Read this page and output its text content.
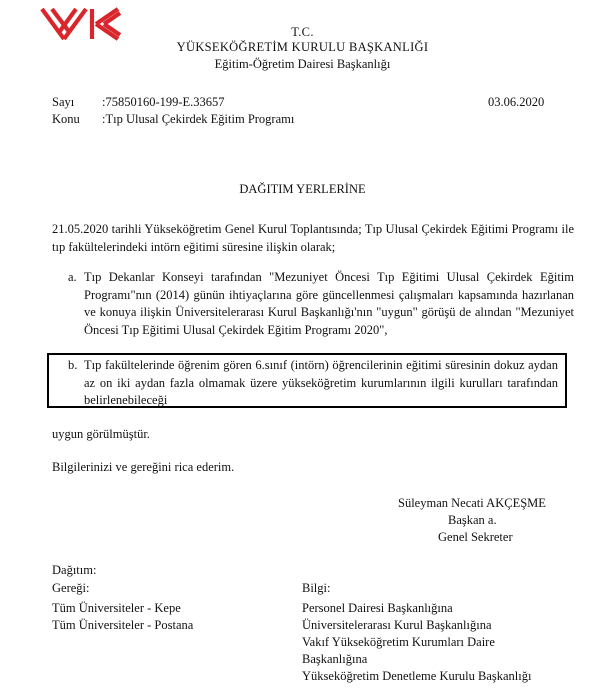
T.C.
YÜKSEKÖĞRETİM KURULU BAŞKANLIĞI
Eğitim-Öğretim Dairesi Başkanlığı
Sayı :75850160-199-E.33657	03.06.2020
Konu :Tıp Ulusal Çekirdek Eğitim Programı
DAĞITIM YERLERİNE
21.05.2020 tarihli Yükseköğretim Genel Kurul Toplantısında; Tıp Ulusal Çekirdek Eğitimi Programı ile tıp fakültelerindeki intörn eğitimi süresine ilişkin olarak;
a. Tıp Dekanlar Konseyi tarafından "Mezuniyet Öncesi Tıp Eğitimi Ulusal Çekirdek Eğitim Programı"nın (2014) günün ihtiyaçlarına göre güncellenmesi çalışmaları kapsamında hazırlanan ve konuya ilişkin Üniversitelerarası Kurul Başkanlığı'nın "uygun" görüşü de alından "Mezuniyet Öncesi Tıp Eğitimi Ulusal Çekirdek Eğitim Programı 2020",
b. Tıp fakültelerinde öğrenim gören 6.sınıf (intörn) öğrencilerinin eğitimi süresinin dokuz aydan az on iki aydan fazla olmamak üzere yükseköğretim kurumlarının ilgili kurulları tarafından belirlenebileceği
uygun görülmüştür.
Bilgilerinizi ve gereğini rica ederim.
Süleyman Necati AKÇEŞME
Başkan a.
Genel Sekreter
Dağıtım:
Gereği:	Bilgi:
Tüm Üniversiteler - Kepe
Tüm Üniversiteler - Postana
Personel Dairesi Başkanlığına
Üniversitelerarası Kurul Başkanlığına
Vakıf Yükseköğretim Kurumları Daire
Başkanlığına
Yükseköğretim Denetleme Kurulu Başkanlığı
